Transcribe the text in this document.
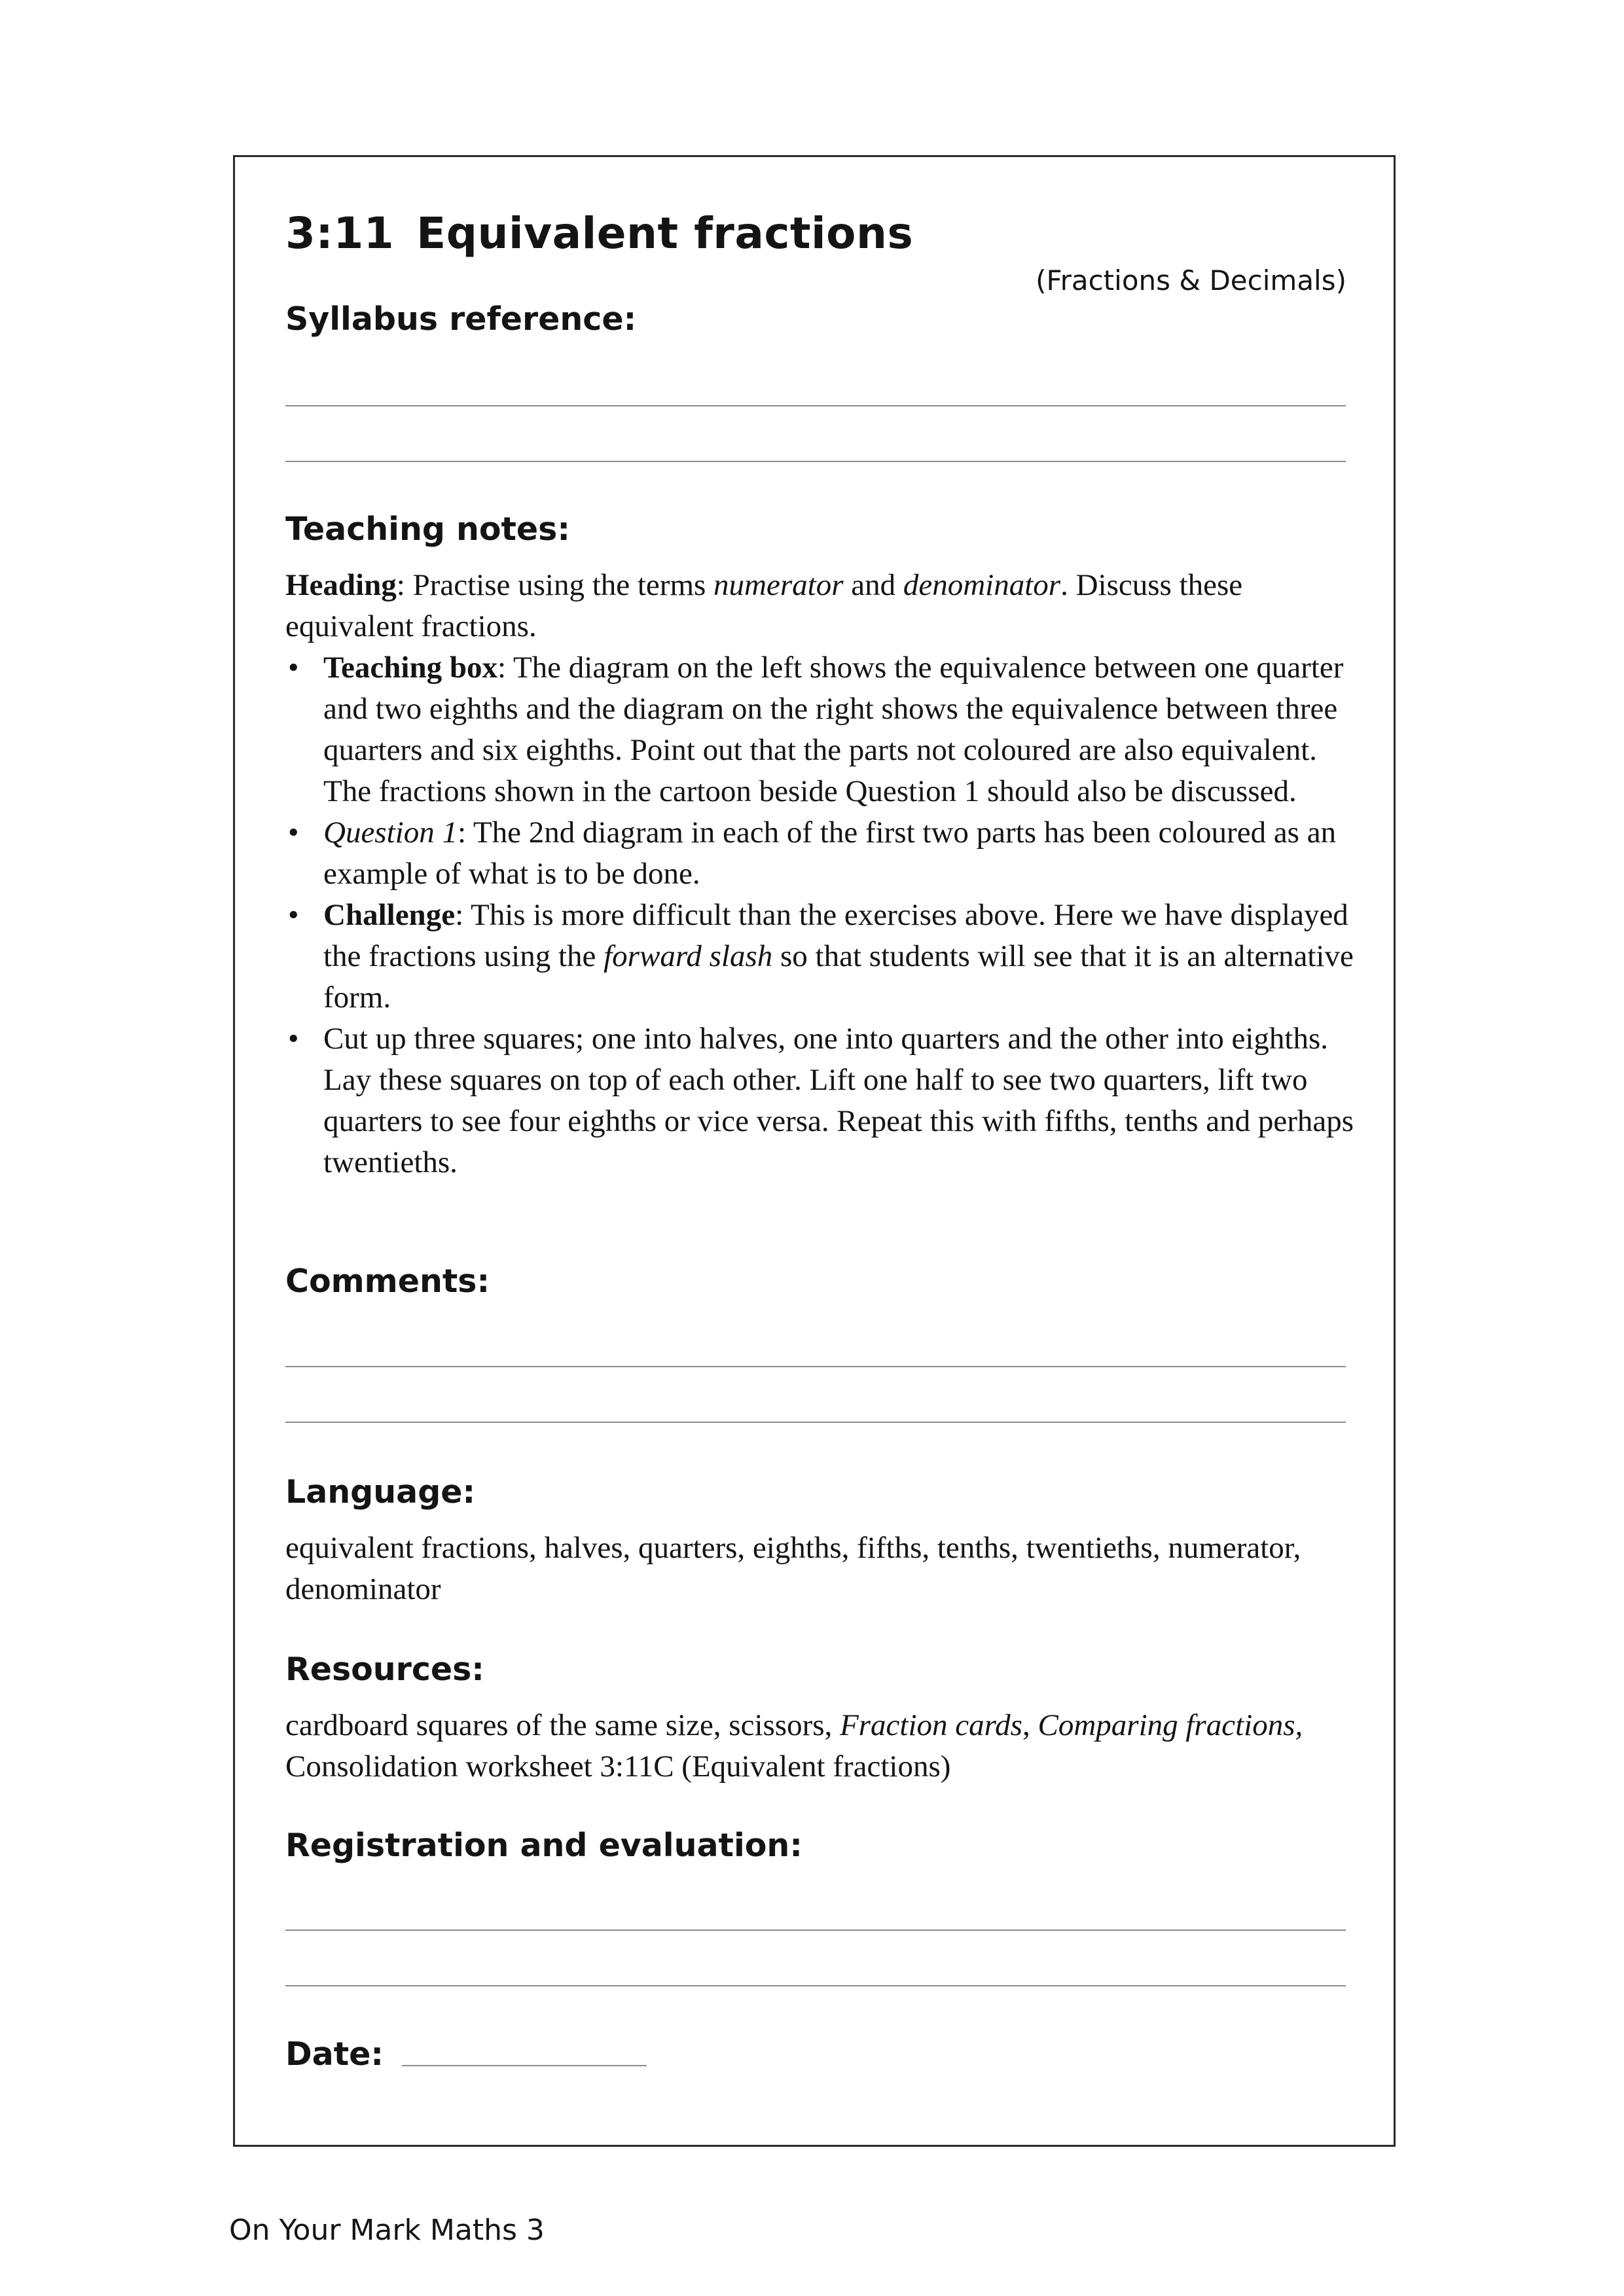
3:11 Equivalent fractions
(Fractions & Decimals)
Syllabus reference:
Teaching notes:

Heading: Practise using the terms numerator and denominator. Discuss these equivalent fractions.

• Teaching box: The diagram on the left shows the equivalence between one quarter and two eighths and the diagram on the right shows the equivalence between three quarters and six eighths. Point out that the parts not coloured are also equivalent. The fractions shown in the cartoon beside Question 1 should also be discussed.
• Question 1: The 2nd diagram in each of the first two parts has been coloured as an example of what is to be done.
• Challenge: This is more difficult than the exercises above. Here we have displayed the fractions using the forward slash so that students will see that it is an alternative form.
• Cut up three squares; one into halves, one into quarters and the other into eighths. Lay these squares on top of each other. Lift one half to see two quarters, lift two quarters to see four eighths or vice versa. Repeat this with fifths, tenths and perhaps twentieths.
Comments:
Language:
equivalent fractions, halves, quarters, eighths, fifths, tenths, twentieths, numerator, denominator
Resources:
cardboard squares of the same size, scissors, Fraction cards, Comparing fractions, Consolidation worksheet 3:11C (Equivalent fractions)
Registration and evaluation:
Date:
On Your Mark Maths 3
